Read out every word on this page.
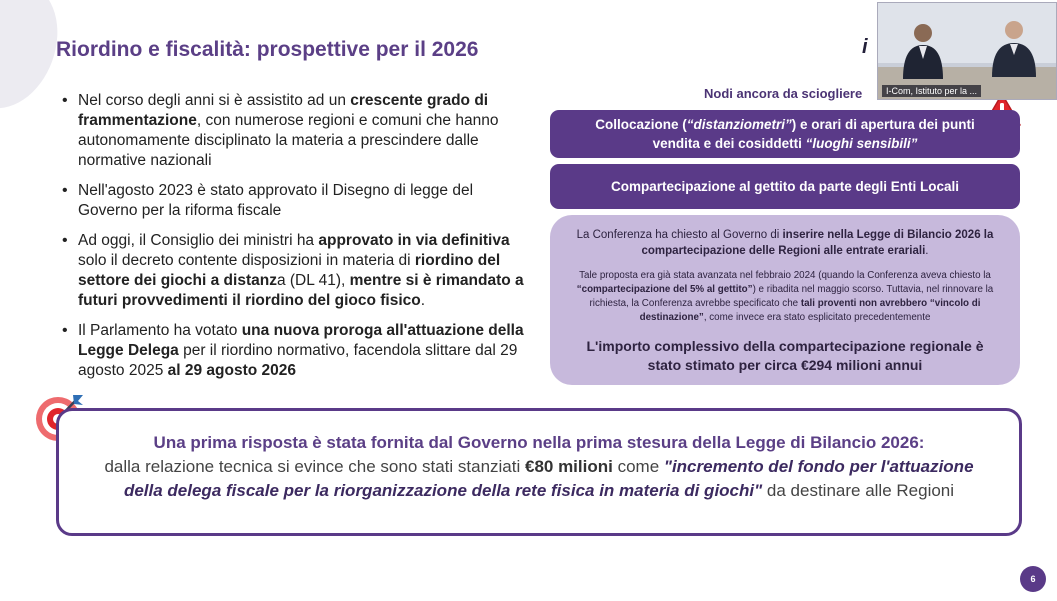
Riordino e fiscalità: prospettive per il 2026
• Nel corso degli anni si è assistito ad un crescente grado di frammentazione, con numerose regioni e comuni che hanno autonomamente disciplinato la materia a prescindere dalle normative nazionali
• Nell'agosto 2023 è stato approvato il Disegno di legge del Governo per la riforma fiscale
• Ad oggi, il Consiglio dei ministri ha approvato in via definitiva solo il decreto contente disposizioni in materia di riordino del settore dei giochi a distanza (DL 41), mentre si è rimandato a futuri provvedimenti il riordino del gioco fisico.
• Il Parlamento ha votato una nuova proroga all'attuazione della Legge Delega per il riordino normativo, facendola slittare dal 29 agosto 2025 al 29 agosto 2026
Nodi ancora da sciogliere
Collocazione (“distanziometri”) e orari di apertura dei punti vendita e dei cosiddetti “luoghi sensibili”
Compartecipazione al gettito da parte degli Enti Locali
La Conferenza ha chiesto al Governo di inserire nella Legge di Bilancio 2026 la compartecipazione delle Regioni alle entrate erariali.
Tale proposta era già stata avanzata nel febbraio 2024 (quando la Conferenza aveva chiesto la “compartecipazione del 5% al gettito”) e ribadita nel maggio scorso. Tuttavia, nel rinnovare la richiesta, la Conferenza avrebbe specificato che tali proventi non avrebbero “vincolo di destinazione”, come invece era stato esplicitato precedentemente
L'importo complessivo della compartecipazione regionale è stato stimato per circa €294 milioni annui
i
I-Com, Istituto per la ...
Una prima risposta è stata fornita dal Governo nella prima stesura della Legge di Bilancio 2026:
dalla relazione tecnica si evince che sono stati stanziati €80 milioni come "incremento del fondo per l'attuazione della delega fiscale per la riorganizzazione della rete fisica in materia di giochi" da destinare alle Regioni
6
